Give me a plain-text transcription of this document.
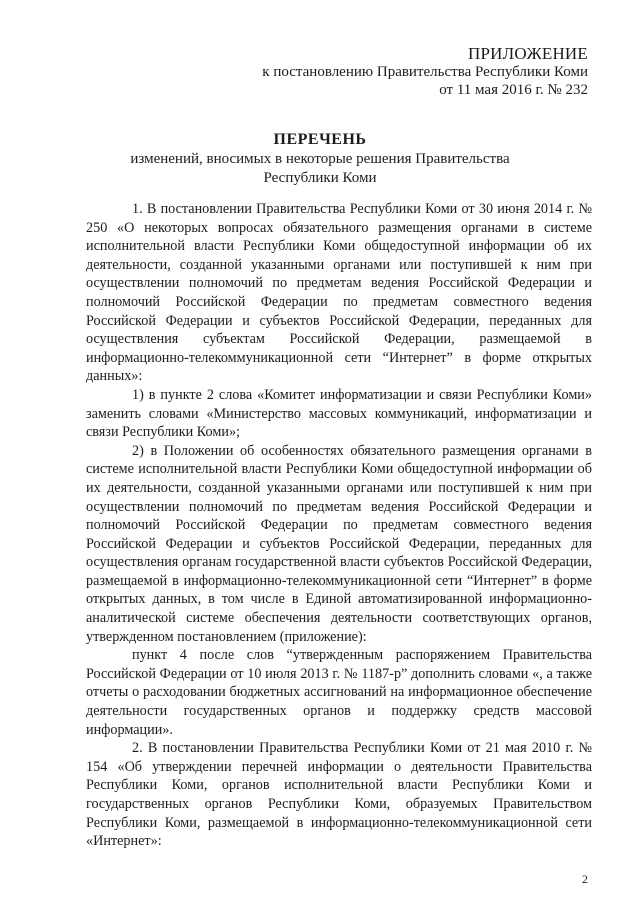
ПРИЛОЖЕНИЕ
к постановлению Правительства Республики Коми
от 11 мая 2016 г. № 232
ПЕРЕЧЕНЬ
изменений, вносимых в некоторые решения Правительства
Республики Коми

1. В постановлении Правительства Республики Коми от 30 июня 2014 г. № 250 «О некоторых вопросах обязательного размещения органами в системе исполнительной власти Республики Коми общедоступной информации об их деятельности, созданной указанными органами или поступившей к ним при осуществлении полномочий по предметам ведения Российской Федерации и полномочий Российской Федерации по предметам совместного ведения Российской Федерации и субъектов Российской Федерации, переданных для осуществления субъектам Российской Федерации, размещаемой в информационно-телекоммуникационной сети “Интернет” в форме открытых данных»:

1) в пункте 2 слова «Комитет информатизации и связи Республики Коми» заменить словами «Министерство массовых коммуникаций, информатизации и связи Республики Коми»;

2) в Положении об особенностях обязательного размещения органами в системе исполнительной власти Республики Коми общедоступной информации об их деятельности, созданной указанными органами или поступившей к ним при осуществлении полномочий по предметам ведения Российской Федерации и полномочий Российской Федерации по предметам совместного ведения Российской Федерации и субъектов Российской Федерации, переданных для осуществления органам государственной власти субъектов Российской Федерации, размещаемой в информационно-телекоммуникационной сети “Интернет” в форме открытых данных, в том числе в Единой автоматизированной информационно-аналитической системе обеспечения деятельности соответствующих органов, утвержденном постановлением (приложение):

пункт 4 после слов “утвержденным распоряжением Правительства Российской Федерации от 10 июля 2013 г. № 1187-р” дополнить словами «, а также отчеты о расходовании бюджетных ассигнований на информационное обеспечение деятельности государственных органов и поддержку средств массовой информации».

2. В постановлении Правительства Республики Коми от 21 мая 2010 г. № 154 «Об утверждении перечней информации о деятельности Правительства Республики Коми, органов исполнительной власти Республики Коми и государственных органов Республики Коми, образуемых Правительством Республики Коми, размещаемой в информационно-телекоммуникационной сети «Интернет»:

2
